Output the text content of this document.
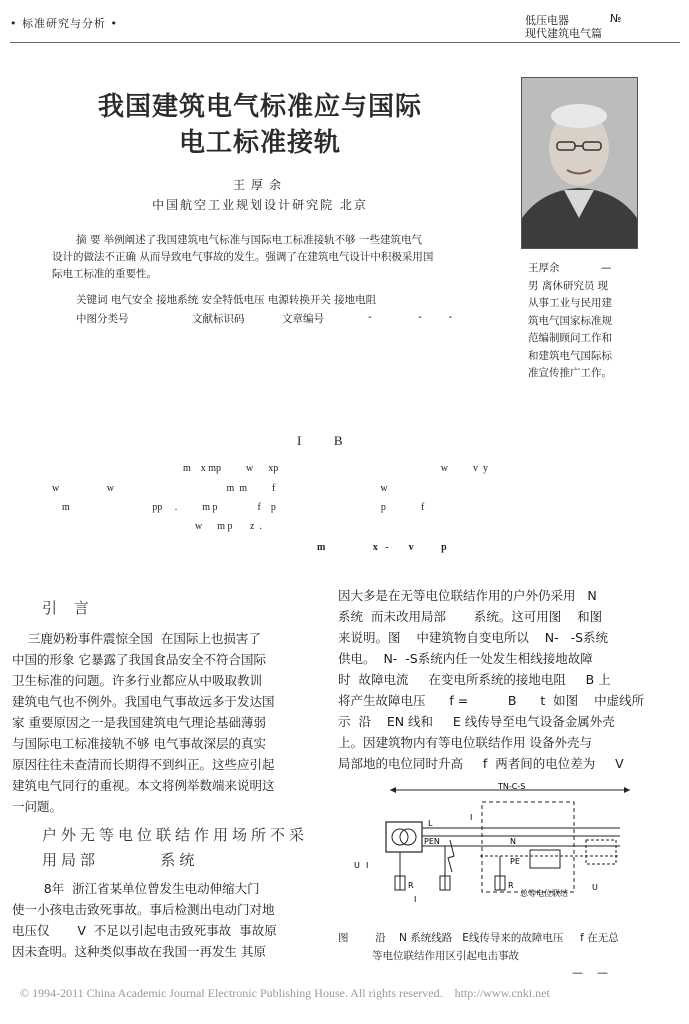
• 标准研究与分析 •	低压电器	№
现代建筑电气篇
我国建筑电气标准应与国际
电工标准接轨
王厚余
中国航空工业规划设计研究院 北京
王厚余	—
男 离休研究员 现
从事工业与民用建
筑电气国家标准规
范编制顾问工作和
和建筑电气国际标
准宣传推广工作。
摘 要 举例阐述了我国建筑电气标准与国际电工标准接轨不够 一些建筑电气
设计的做法不正确 从而导致电气事故的发生。强调了在建筑电气设计中积极采用国
际电工标准的重要性。
关键词 电气安全 接地系统 安全特低电压 电源转换开关 接地电阻
中图分类号	文献标识码	文章编号	-	-        -
I          B
m    x mp          w      xp                                                                 w          v  y
w                   w                                             m  m          f                                          w
m                                 pp     .          m p                f    p                                          p              f
w      m p       z  .
m                   x   -        v           p
引 言
三鹿奶粉事件震惊全国  在国际上也损害了
中国的形象 它暴露了我国食品安全不符合国际
卫生标准的问题。许多行业都应从中吸取教训
建筑电气也不例外。我国电气事故远多于发达国
家 重要原因之一是我国建筑电气理论基础薄弱
与国际电工标准接轨不够 电气事故深层的真实
原因往往未查清而长期得不到纠正。这些应引起
建筑电气同行的重视。本文将例举数端来说明这
一问题。
户外无等电位联结作用场所不采
用局部       系统
8年  浙江省某单位曾发生电动伸缩大门
使一小孩电击致死事故。事后检测出电动门对地
电压仅       V  不足以引起电击致死事故  事故原
因未查明。这种类似事故在我国一再发生 其原
因大多是在无等电位联结作用的户外仍采用   N
系统  而未改用局部       系统。这可用图    和图
来说明。图    中建筑物自变电所以    N-   -S系统
供电。  N-  -S系统内任一处发生相线接地故障
时  故障电流     在变电所系统的接地电阻     B 上
将产生故障电压      f =          B      t  如图    中虚线所
示  沿    EN 线和     E 线传导至电气设备金属外壳
上。因建筑物内有等电位联结作用 设备外壳与
局部地的电位同时升高     f  两者间的电位差为     V
TN-C-S
L
PEN	N
PE
U I
R
I
R
总等电位联结
U
I
图        沿    N 系统线路   E线传导来的故障电压     f 在无总
等电位联结作用区引起电击事故
—    —
© 1994-2011 China Academic Journal Electronic Publishing House. All rights reserved.    http://www.cnki.net
